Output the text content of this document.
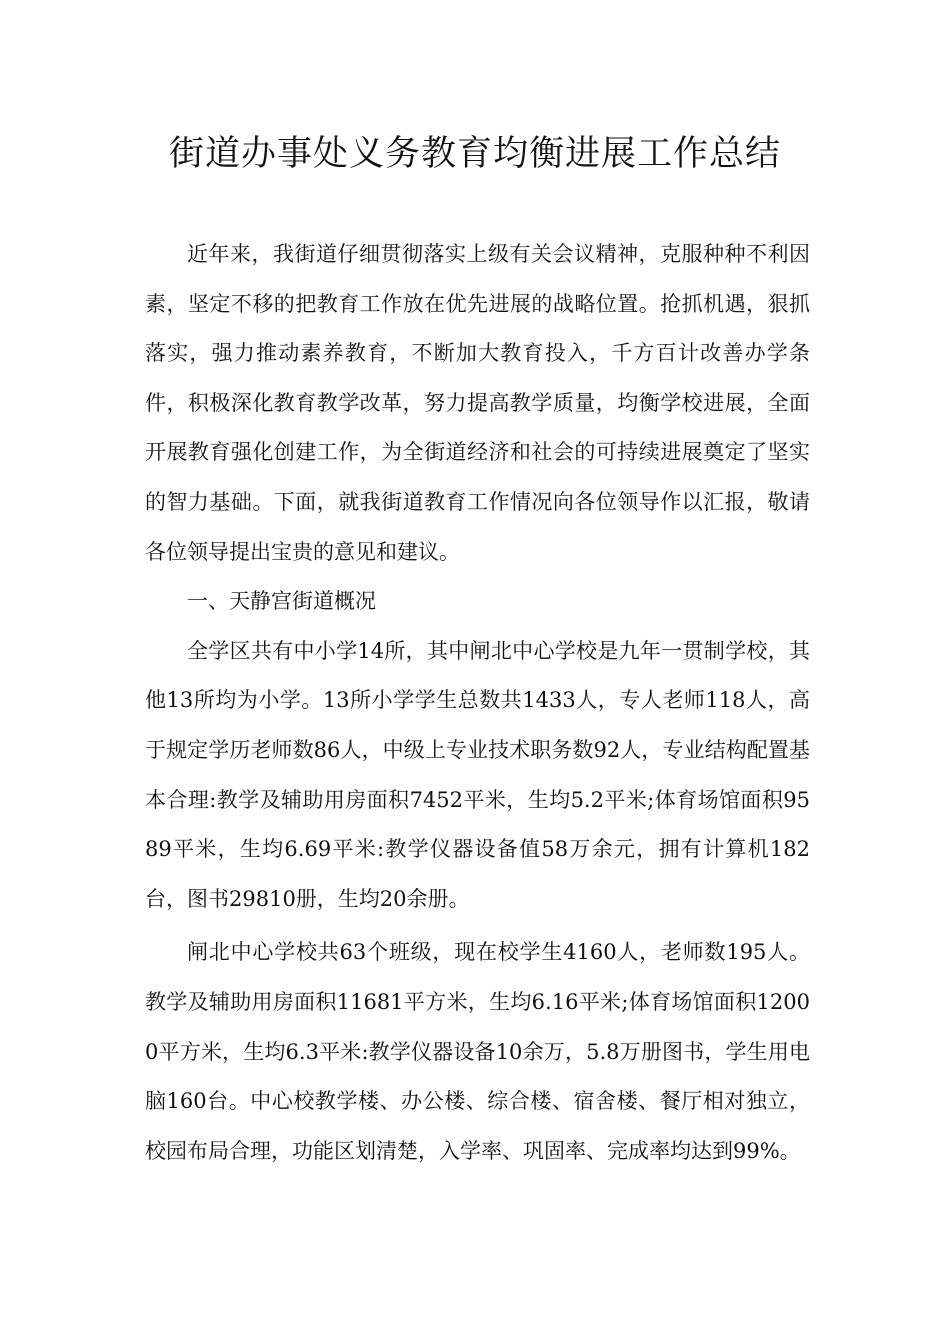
街道办事处义务教育均衡进展工作总结

近年来，我街道仔细贯彻落实上级有关会议精神，克服种种不利因素，坚定不移的把教育工作放在优先进展的战略位置。抢抓机遇，狠抓落实，强力推动素养教育，不断加大教育投入，千方百计改善办学条件，积极深化教育教学改革，努力提高教学质量，均衡学校进展，全面开展教育强化创建工作，为全街道经济和社会的可持续进展奠定了坚实的智力基础。下面，就我街道教育工作情况向各位领导作以汇报，敬请各位领导提出宝贵的意见和建议。

一、天静宫街道概况

全学区共有中小学14所，其中闸北中心学校是九年一贯制学校，其他13所均为小学。13所小学学生总数共1433人，专人老师118人，高于规定学历老师数86人，中级上专业技术职务数92人，专业结构配置基本合理:教学及辅助用房面积7452平米，生均5.2平米;体育场馆面积9589平米，生均6.69平米:教学仪器设备值58万余元，拥有计算机182台，图书29810册，生均20余册。

闸北中心学校共63个班级，现在校学生4160人，老师数195人。教学及辅助用房面积11681平方米，生均6.16平米;体育场馆面积12000平方米，生均6.3平米:教学仪器设备10余万，5.8万册图书，学生用电脑160台。中心校教学楼、办公楼、综合楼、宿舍楼、餐厅相对独立，校园布局合理，功能区划清楚，入学率、巩固率、完成率均达到99%。
